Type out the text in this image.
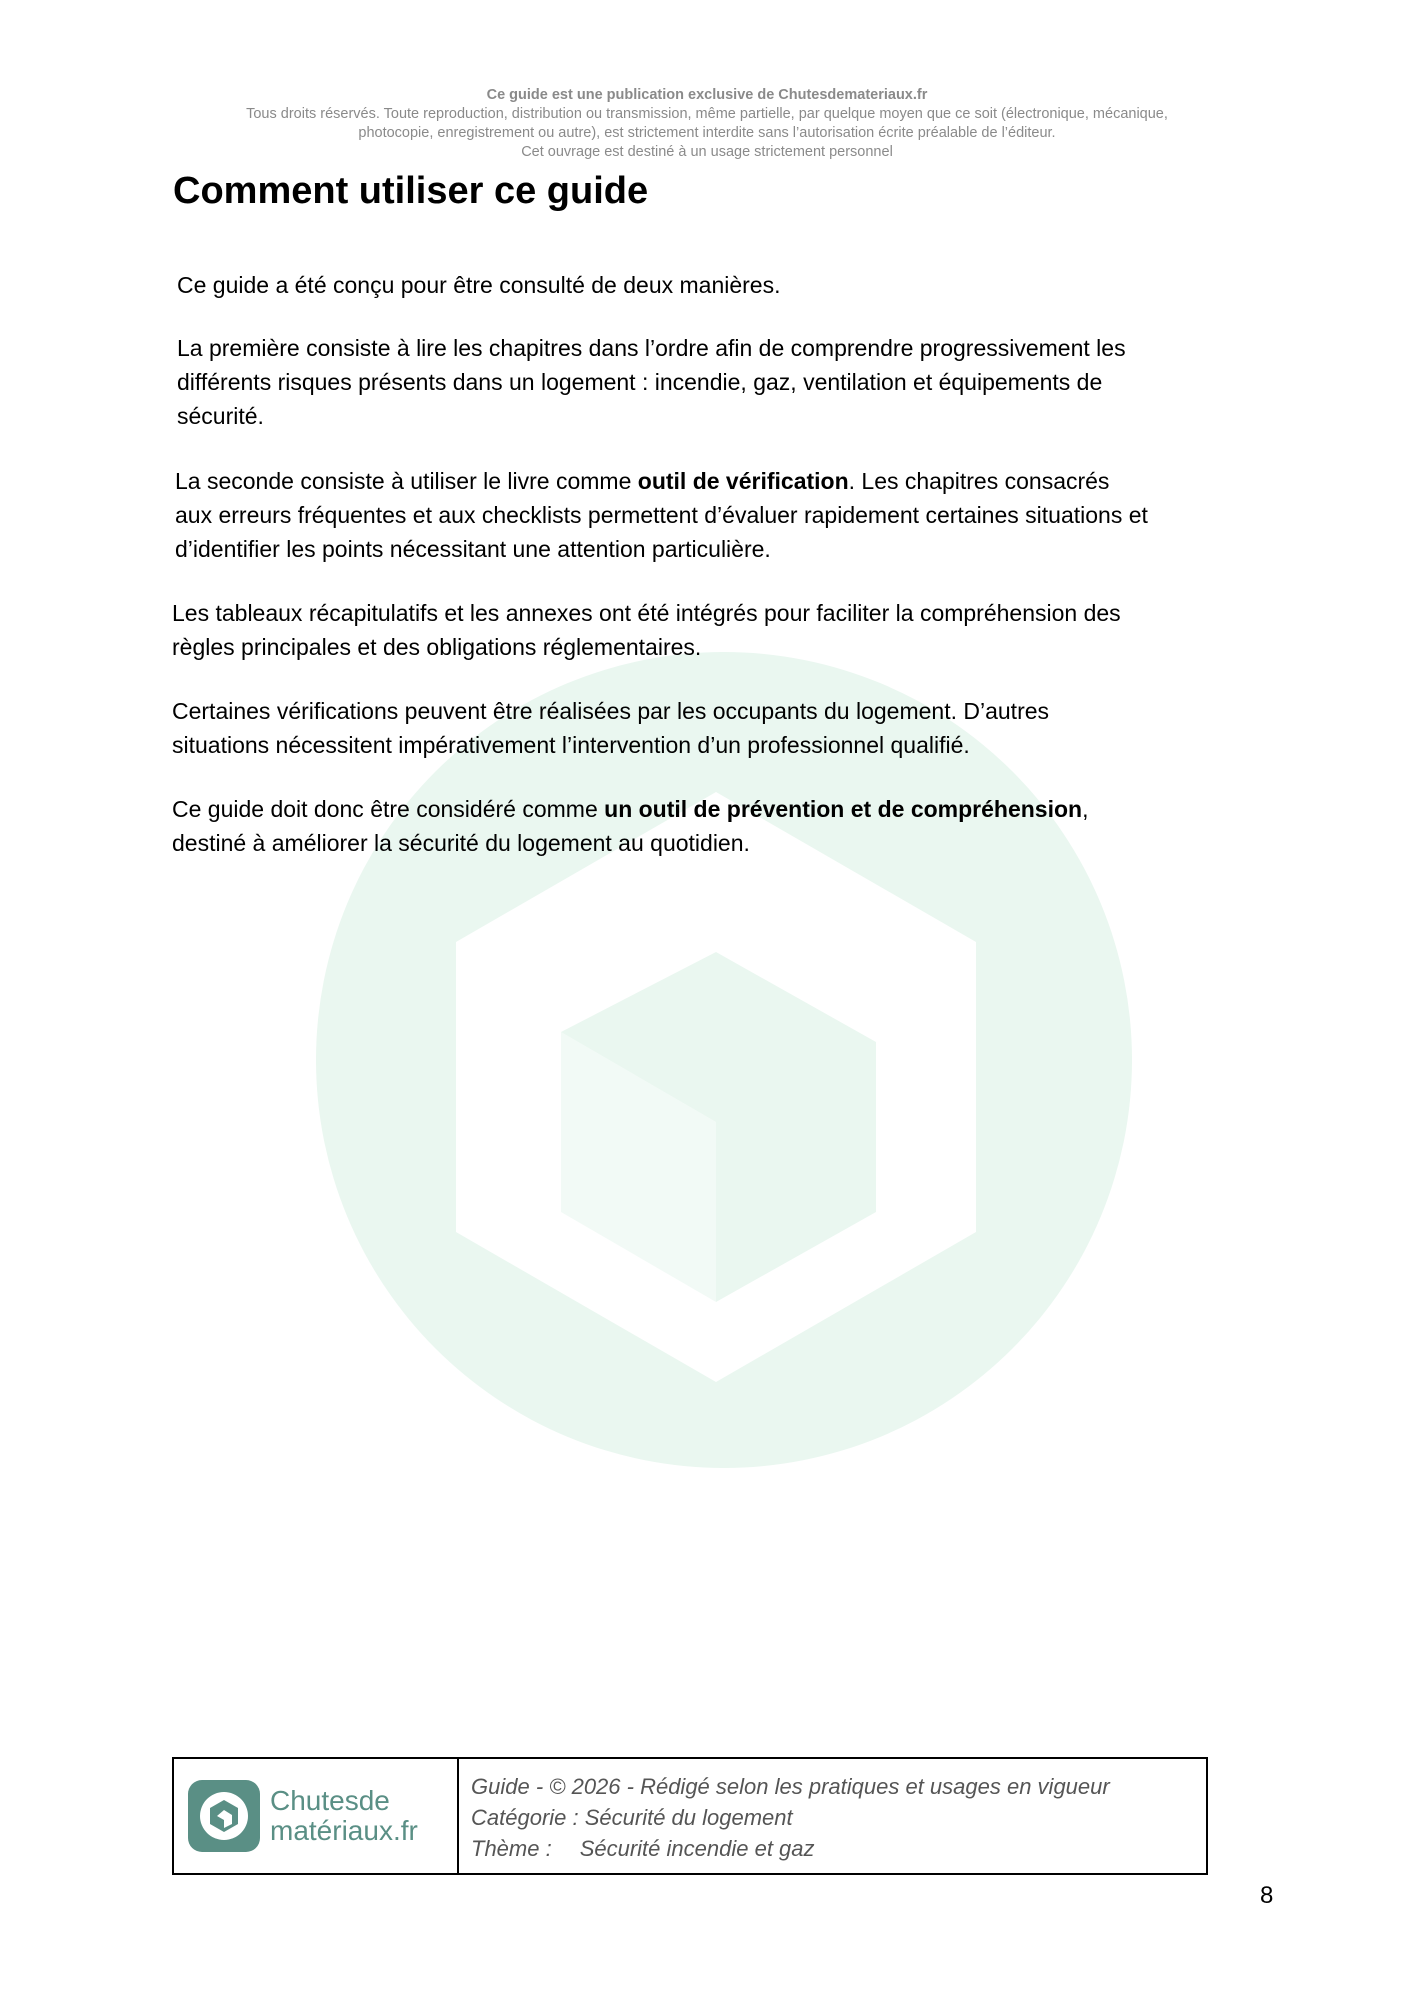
Ce guide est une publication exclusive de Chutesdemateriaux.fr
Tous droits réservés. Toute reproduction, distribution ou transmission, même partielle, par quelque moyen que ce soit (électronique, mécanique,
photocopie, enregistrement ou autre), est strictement interdite sans l’autorisation écrite préalable de l’éditeur.
Cet ouvrage est destiné à un usage strictement personnel
Comment utiliser ce guide
Ce guide a été conçu pour être consulté de deux manières.
La première consiste à lire les chapitres dans l’ordre afin de comprendre progressivement les
différents risques présents dans un logement : incendie, gaz, ventilation et équipements de
sécurité.
La seconde consiste à utiliser le livre comme outil de vérification. Les chapitres consacrés
aux erreurs fréquentes et aux checklists permettent d’évaluer rapidement certaines situations et
d’identifier les points nécessitant une attention particulière.
Les tableaux récapitulatifs et les annexes ont été intégrés pour faciliter la compréhension des
règles principales et des obligations réglementaires.
Certaines vérifications peuvent être réalisées par les occupants du logement. D’autres
situations nécessitent impérativement l’intervention d’un professionnel qualifié.
Ce guide doit donc être considéré comme un outil de prévention et de compréhension,
destiné à améliorer la sécurité du logement au quotidien.
Chutesde
matériaux.fr
Guide - © 2026 - Rédigé selon les pratiques et usages en vigueur
Catégorie : Sécurité du logement
Thème : Sécurité incendie et gaz
8
